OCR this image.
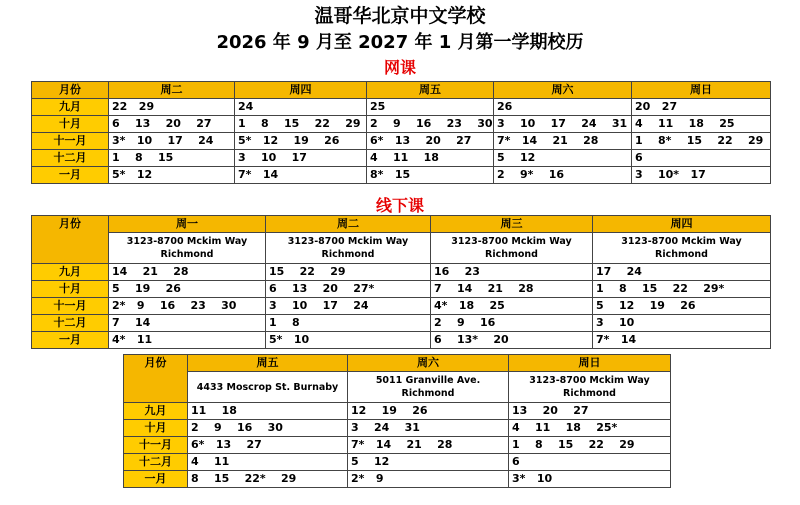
温哥华北京中文学校
2026 年 9 月至 2027 年 1 月第一学期校历
网课
月份	周二	周四	周五	周六	周日
九月	22   29	24	25	26	20   27
十月	6    13    20    27	1    8    15    22    29	2    9    16    23    30	3    10    17    24    31	4    11    18    25
十一月	3*   10    17    24	5*   12    19    26	6*   13    20    27	7*   14    21    28	1    8*    15    22    29
十二月	1    8    15	3    10    17	4    11    18	5    12	6
一月	5*   12	7*   14	8*   15	2    9*    16	3    10*   17
线下课
月份	周一	周二	周三	周四
	3123-8700 Mckim Way Richmond	3123-8700 Mckim Way Richmond	3123-8700 Mckim Way Richmond	3123-8700 Mckim Way Richmond
九月	14    21    28	15    22    29	16    23	17    24
十月	5    19    26	6    13    20    27*	7    14    21    28	1    8    15    22    29*
十一月	2*   9    16    23    30	3    10    17    24	4*   18    25	5    12    19    26
十二月	7    14	1    8	2    9    16	3    10
一月	4*   11	5*   10	6    13*    20	7*   14
月份	周五	周六	周日
	4433 Moscrop St. Burnaby	5011 Granville Ave. Richmond	3123-8700 Mckim Way Richmond
九月	11    18	12    19    26	13    20    27
十月	2    9    16    30	3    24    31	4    11    18    25*
十一月	6*   13    27	7*   14    21    28	1    8    15    22    29
十二月	4    11	5    12	6
一月	8    15    22*    29	2*   9	3*   10
